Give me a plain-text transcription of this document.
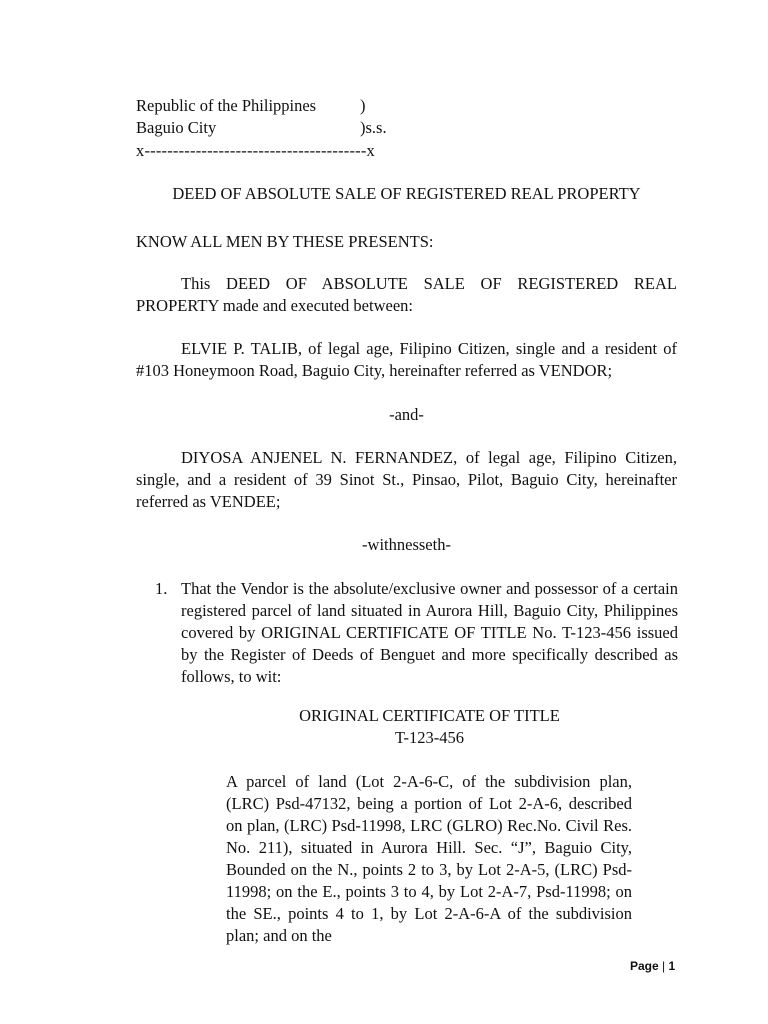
Republic of the Philippines	)
Baguio City	)s.s.
x---------------------------------------x
DEED OF ABSOLUTE SALE OF REGISTERED REAL PROPERTY
KNOW ALL MEN BY THESE PRESENTS:

This DEED OF ABSOLUTE SALE OF REGISTERED REAL PROPERTY made and executed between:

ELVIE P. TALIB, of legal age, Filipino Citizen, single and a resident of #103 Honeymoon Road, Baguio City, hereinafter referred as VENDOR;

-and-

DIYOSA ANJENEL N. FERNANDEZ, of legal age, Filipino Citizen, single, and a resident of 39 Sinot St., Pinsao, Pilot, Baguio City, hereinafter referred as VENDEE;

-withnesseth-
1. That the Vendor is the absolute/exclusive owner and possessor of a certain registered parcel of land situated in Aurora Hill, Baguio City, Philippines covered by ORIGINAL CERTIFICATE OF TITLE No. T-123-456 issued by the Register of Deeds of Benguet and more specifically described as follows, to wit:
ORIGINAL CERTIFICATE OF TITLE
T-123-456

A parcel of land (Lot 2-A-6-C, of the subdivision plan, (LRC) Psd-47132, being a portion of Lot 2-A-6, described on plan, (LRC) Psd-11998, LRC (GLRO) Rec.No. Civil Res. No. 211), situated in Aurora Hill. Sec. “J”, Baguio City, Bounded on the N., points 2 to 3, by Lot 2-A-5, (LRC) Psd-11998; on the E., points 3 to 4, by Lot 2-A-7, Psd-11998; on the SE., points 4 to 1, by Lot 2-A-6-A of the subdivision plan; and on the

Page | 1
